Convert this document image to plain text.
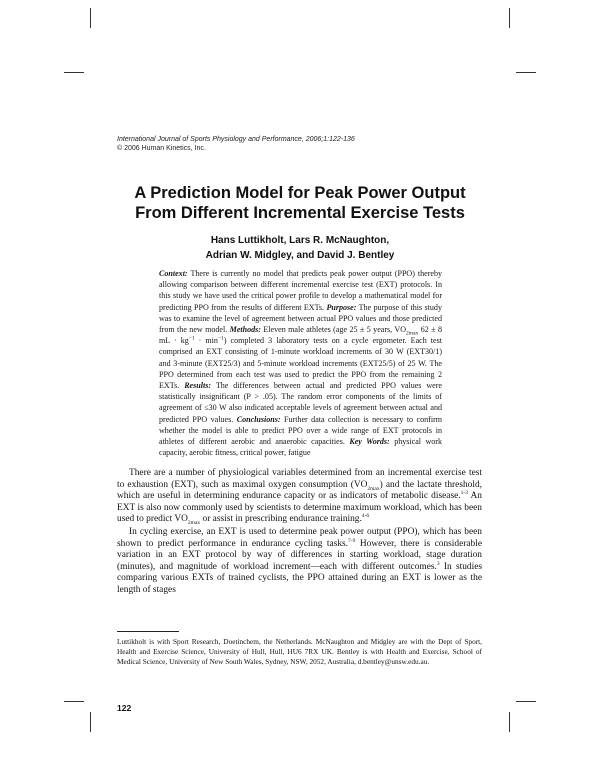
International Journal of Sports Physiology and Performance, 2006;1:122-136
© 2006 Human Kinetics, Inc.
A Prediction Model for Peak Power Output
From Different Incremental Exercise Tests
Hans Luttikholt, Lars R. McNaughton,
Adrian W. Midgley, and David J. Bentley
Context: There is currently no model that predicts peak power output (PPO) thereby allowing comparison between different incremental exercise test (EXT) protocols. In this study we have used the critical power profile to develop a mathematical model for predicting PPO from the results of different EXTs. Purpose: The purpose of this study was to examine the level of agreement between actual PPO values and those predicted from the new model. Methods: Eleven male athletes (age 25 ± 5 years, $VO_{2max}$ 62 ± 8 mL · $kg^{-1} \cdot \min^{-1}$) completed 3 laboratory tests on a cycle ergometer. Each test comprised an EXT consisting of 1-minute workload increments of 30 W (EXT30/1) and 3-minute (EXT25/3) and 5-minute workload increments (EXT25/5) of 25 W. The PPO determined from each test was used to predict the PPO from the remaining 2 EXTs. Results: The differences between actual and predicted PPO values were statistically insignificant (P > .05). The random error components of the limits of agreement of ≤30 W also indicated acceptable levels of agreement between actual and predicted PPO values. Conclusions: Further data collection is necessary to confirm whether the model is able to predict PPO over a wide range of EXT protocols in athletes of different aerobic and anaerobic capacities. Key Words: physical work capacity, aerobic fitness, critical power, fatigue

There are a number of physiological variables determined from an incremental exercise test to exhaustion (EXT), such as maximal oxygen consumption $(VO_{2max})$ and the lactate threshold, which are useful in determining endurance capacity or as indicators of metabolic disease.$^{1-3}$ An EXT is also now commonly used by scientists to determine maximum workload, which has been used to predict $VO_{2max}$ or assist in prescribing endurance training.$^{4-6}$

In cycling exercise, an EXT is used to determine peak power output (PPO), which has been shown to predict performance in endurance cycling tasks.$^{7-9}$ However, there is considerable variation in an EXT protocol by way of differences in starting workload, stage duration (minutes), and magnitude of workload increment—each with different outcomes.$^3$ In studies comparing various EXTs of trained cyclists, the PPO attained during an EXT is lower as the length of stages

Luttikholt is with Sport Research, Doetinchem, the Netherlands. McNaughton and Midgley are with the Dept of Sport, Health and Exercise Science, University of Hull, Hull, HU6 7RX UK. Bentley is with Health and Exercise, School of Medical Science, University of New South Wales, Sydney, NSW, 2052, Australia, d.bentley@unsw.edu.au.
122
